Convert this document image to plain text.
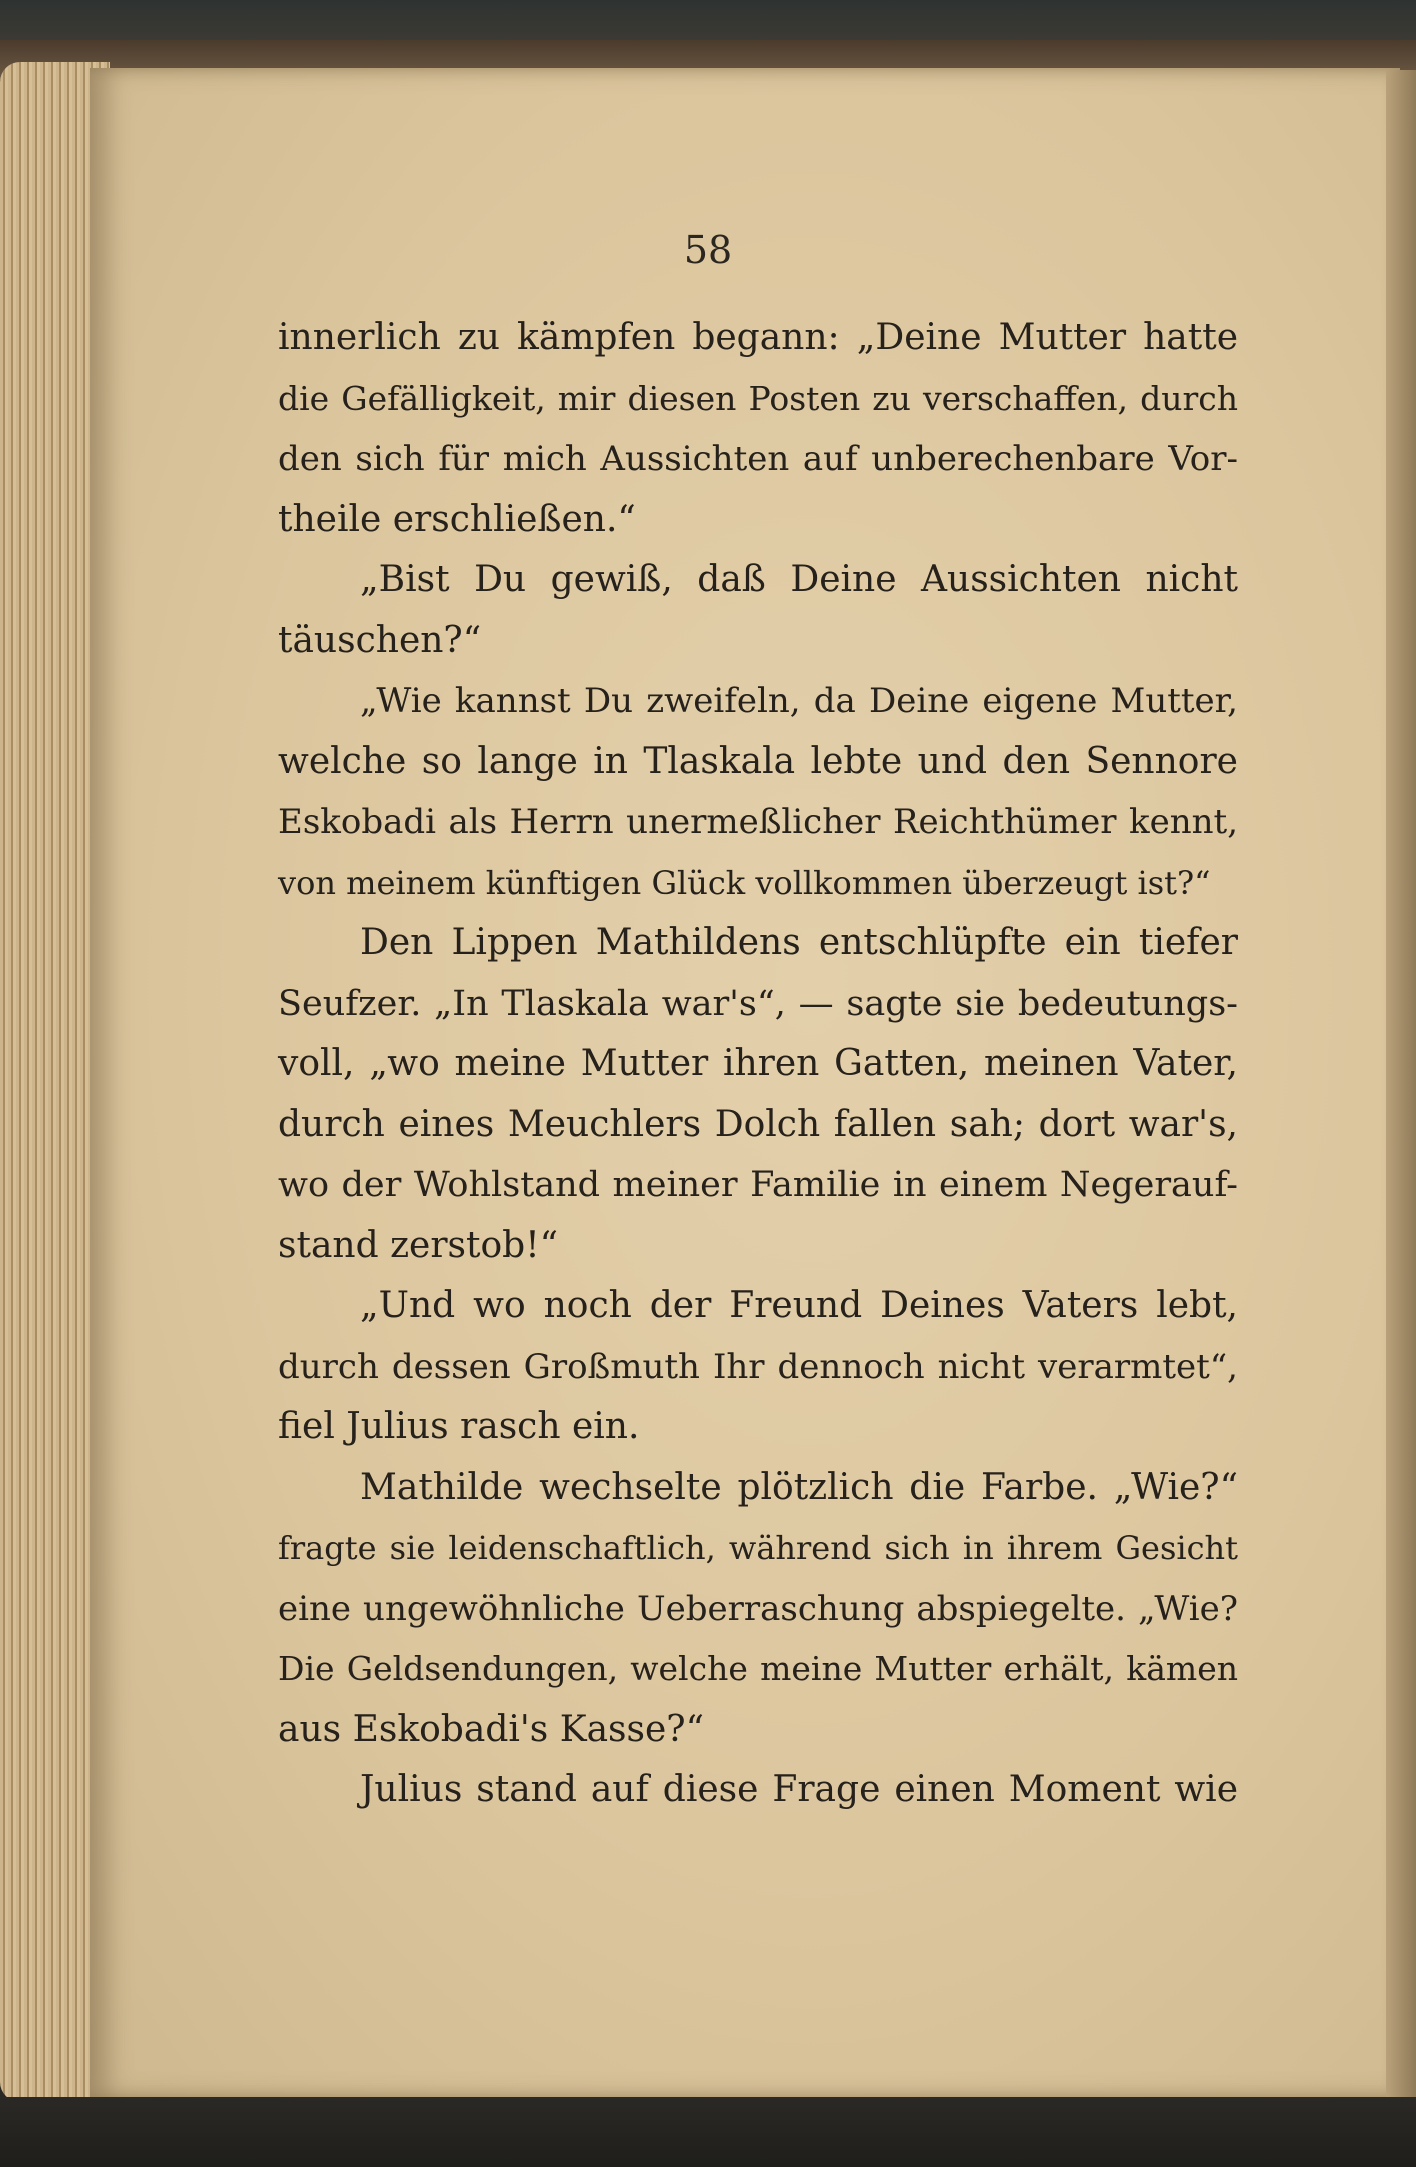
58
innerlich zu kämpfen begann: „Deine Mutter hatte
die Gefälligkeit, mir diesen Posten zu verschaffen, durch
den sich für mich Aussichten auf unberechenbare Vor-
theile erschließen.“
„Bist Du gewiß, daß Deine Aussichten nicht
täuschen?“
„Wie kannst Du zweifeln, da Deine eigene Mutter,
welche so lange in Tlaskala lebte und den Sennore
Eskobadi als Herrn unermeßlicher Reichthümer kennt,
von meinem künftigen Glück vollkommen überzeugt ist?“
Den Lippen Mathildens entschlüpfte ein tiefer
Seufzer. „In Tlaskala war's“, — sagte sie bedeutungs-
voll, „wo meine Mutter ihren Gatten, meinen Vater,
durch eines Meuchlers Dolch fallen sah; dort war's,
wo der Wohlstand meiner Familie in einem Negerauf-
stand zerstob!“
„Und wo noch der Freund Deines Vaters lebt,
durch dessen Großmuth Ihr dennoch nicht verarmtet“,
fiel Julius rasch ein.
Mathilde wechselte plötzlich die Farbe. „Wie?“
fragte sie leidenschaftlich, während sich in ihrem Gesicht
eine ungewöhnliche Ueberraschung abspiegelte. „Wie?
Die Geldsendungen, welche meine Mutter erhält, kämen
aus Eskobadi's Kasse?“
Julius stand auf diese Frage einen Moment wie
